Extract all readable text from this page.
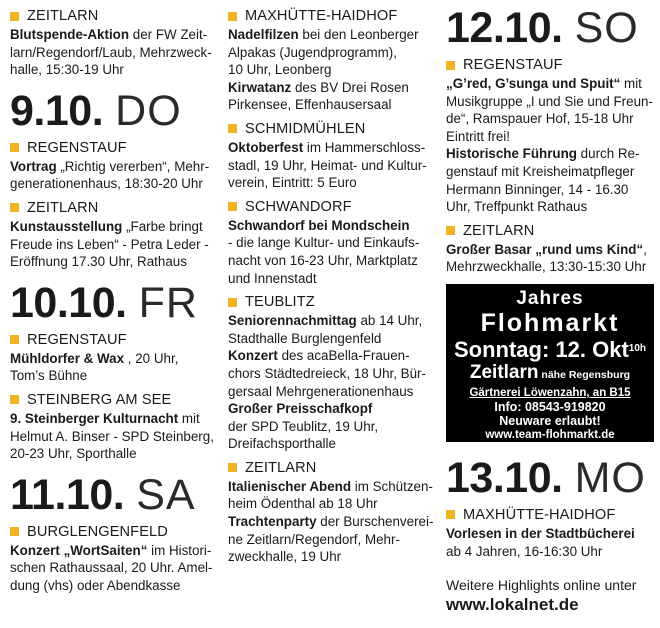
ZEITLARN
Blutspende-Aktion der FW Zeit-
larn/Regendorf/Laub, Mehrzweck-
halle, 15:30-19 Uhr
9.10. DO
REGENSTAUF
Vortrag „Richtig vererben“, Mehr-
generationenhaus, 18:30-20 Uhr
ZEITLARN
Kunstausstellung „Farbe bringt
Freude ins Leben“ - Petra Leder -
Eröffnung 17.30 Uhr, Rathaus
10.10. FR
REGENSTAUF
Mühldorfer & Wax , 20 Uhr,
Tom’s Bühne
STEINBERG AM SEE
9. Steinberger Kulturnacht mit
Helmut A. Binser - SPD Steinberg,
20-23 Uhr, Sporthalle
11.10. SA
BURGLENGENFELD
Konzert „WortSaiten“ im Histori-
schen Rathaussaal, 20 Uhr. Amel-
dung (vhs) oder Abendkasse
MAXHÜTTE-HAIDHOF
Nadelfilzen bei den Leonberger
Alpakas (Jugendprogramm),
10 Uhr, Leonberg
Kirwatanz des BV Drei Rosen
Pirkensee, Effenhausersaal
SCHMIDMÜHLEN
Oktoberfest im Hammerschloss-
stadl, 19 Uhr, Heimat- und Kultur-
verein, Eintritt: 5 Euro
SCHWANDORF
Schwandorf bei Mondschein
- die lange Kultur- und Einkaufs-
nacht von 16-23 Uhr, Marktplatz
und Innenstadt
TEUBLITZ
Seniorennachmittag ab 14 Uhr,
Stadthalle Burglengenfeld
Konzert des acaBella-Frauen-
chors Städtedreieck, 18 Uhr, Bür-
gersaal Mehrgenerationenhaus
Großer Preisschafkopf
der SPD Teublitz, 19 Uhr,
Dreifachsporthalle
ZEITLARN
Italienischer Abend im Schützen-
heim Ödenthal ab 18 Uhr
Trachtenparty der Burschenverei-
ne Zeitlarn/Regendorf, Mehr-
zweckhalle, 19 Uhr
12.10. SO
REGENSTAUF
„G’red, G’sunga und Spuit“ mit
Musikgruppe „I und Sie und Freun-
de“, Ramspauer Hof, 15-18 Uhr
Eintritt frei!
Historische Führung durch Re-
genstauf mit Kreisheimatpfleger
Hermann Binninger, 14 - 16.30
Uhr, Treffpunkt Rathaus
ZEITLARN
Großer Basar „rund ums Kind“,
Mehrzweckhalle, 13:30-15:30 Uhr
Jahres
Flohmarkt
Sonntag: 12. Okt$^{10h}$
Zeitlarn nähe Regensburg
Gärtnerei Löwenzahn, an B15
Info: 08543-919820
Neuware erlaubt!
www.team-flohmarkt.de
13.10. MO
MAXHÜTTE-HAIDHOF
Vorlesen in der Stadtbücherei
ab 4 Jahren, 16-16:30 Uhr
Weitere Highlights online unter
www.lokalnet.de
